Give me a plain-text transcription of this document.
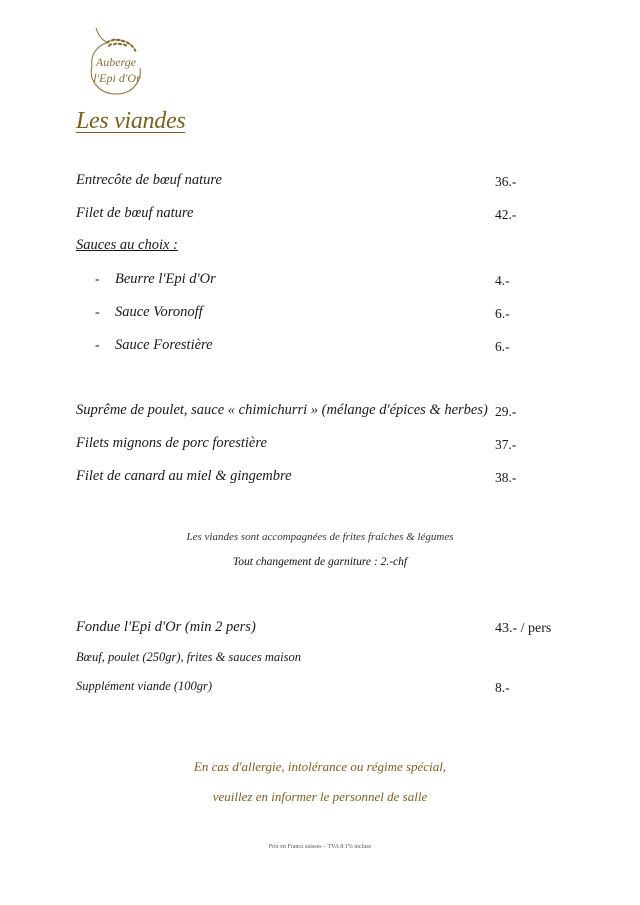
Auberge
l'Epi d'Or
Les viandes
Entrecôte de bœuf nature	36.-
Filet de bœuf nature	42.-
Sauces au choix :
- Beurre l'Epi d'Or	4.-
- Sauce Voronoff	6.-
- Sauce Forestière	6.-
Suprême de poulet, sauce « chimichurri » (mélange d'épices & herbes) 29.-
Filets mignons de porc forestière	37.-
Filet de canard au miel & gingembre	38.-
Les viandes sont accompagnées de frites fraîches & légumes
Tout changement de garniture : 2.-chf
Fondue l'Epi d'Or (min 2 pers)	43.- / pers
Bœuf, poulet (250gr), frites & sauces maison
Supplément viande (100gr)	8.-
En cas d'allergie, intolérance ou régime spécial,
veuillez en informer le personnel de salle
Prix en Francs suisses – TVA 8.1% incluse
